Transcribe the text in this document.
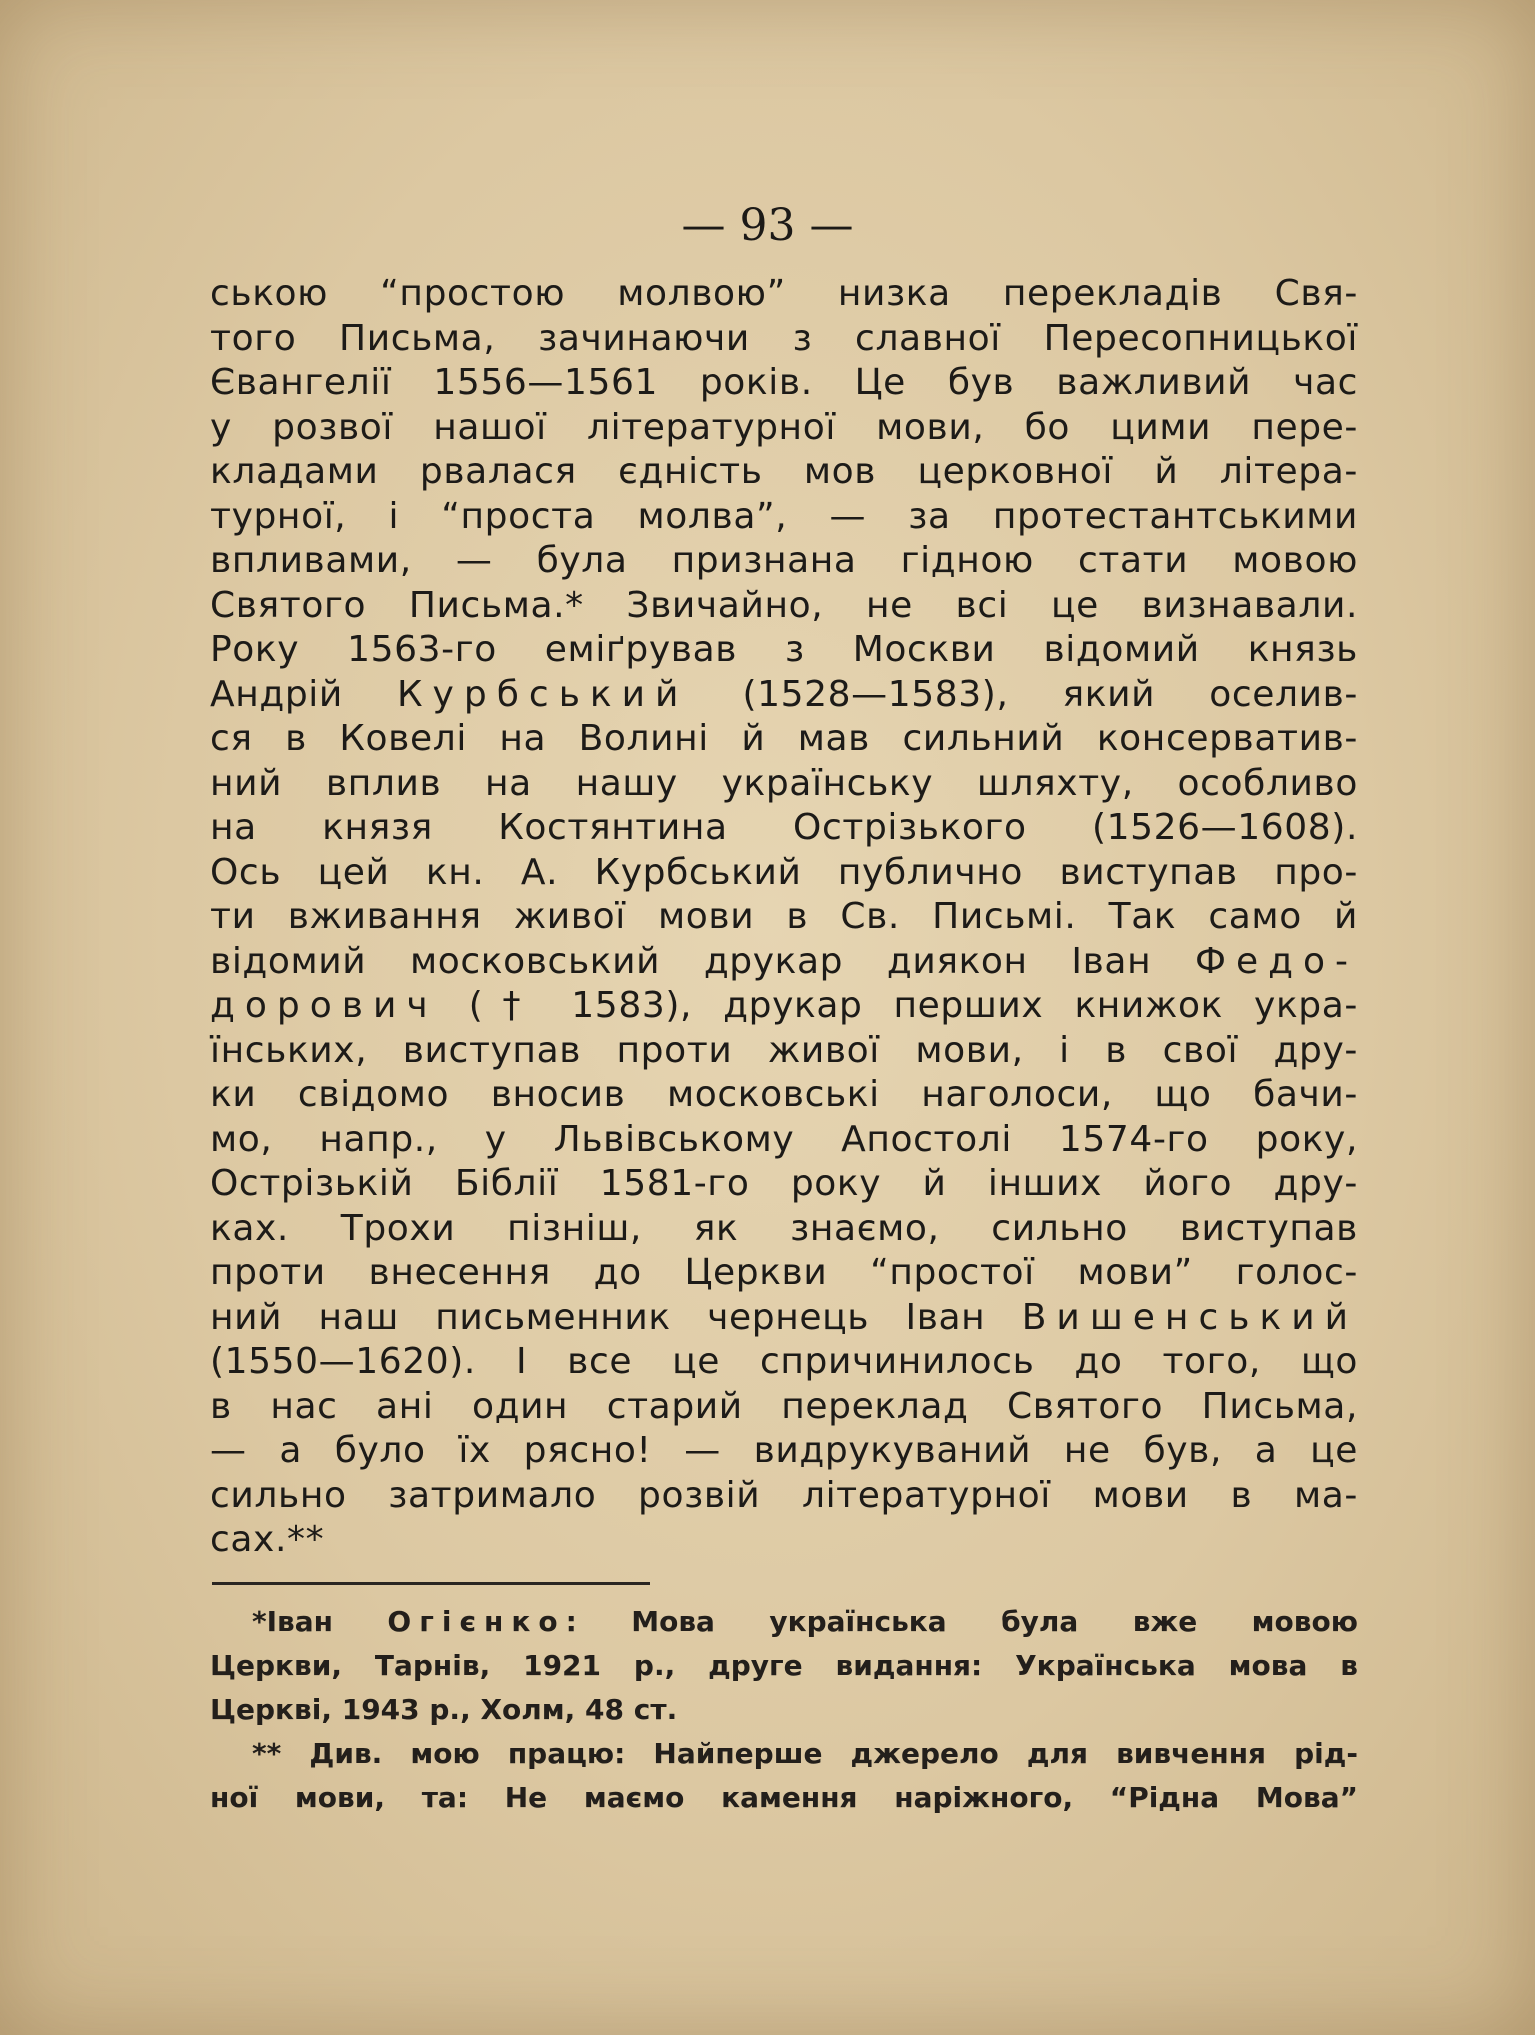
— 93 —
ською “простою молвою” низка перекладів Свя-
того Письма, зачинаючи з славної Пересопницької
Євангелії 1556—1561 років. Це був важливий час
у розвої нашої літературної мови, бо цими пере-
кладами рвалася єдність мов церковної й літера-
турної, і “проста молва”, — за протестантськими
впливами, — була признана гідною стати мовою
Святого Письма.* Звичайно, не всі це визнавали.
Року 1563-го еміґрував з Москви відомий князь
Андрій Курбський (1528—1583), який оселив-
ся в Ковелі на Волині й мав сильний консерватив-
ний вплив на нашу українську шляхту, особливо
на князя Костянтина Острізького (1526—1608).
Ось цей кн. А. Курбський публично виступав про-
ти вживання живої мови в Св. Письмі. Так само й
відомий московський друкар диякон Іван Федо-
дорович († 1583), друкар перших книжок укра-
їнських, виступав проти живої мови, і в свої дру-
ки свідомо вносив московські наголоси, що бачи-
мо, напр., у Львівському Апостолі 1574-го року,
Острізькій Біблії 1581-го року й інших його дру-
ках. Трохи пізніш, як знаємо, сильно виступав
проти внесення до Церкви “простої мови” голос-
ний наш письменник чернець Іван Вишенський
(1550—1620). І все це спричинилось до того, що
в нас ані один старий переклад Святого Письма,
— а було їх рясно! — видрукуваний не був, а це
сильно затримало розвій літературної мови в ма-
сах.**
*Іван Огієнко: Мова українська була вже мовою
Церкви, Тарнів, 1921 р., друге видання: Українська мова в
Церкві, 1943 р., Холм, 48 ст.
** Див. мою працю: Найперше джерело для вивчення рід-
ної мови, та: Не маємо камення наріжного, “Рідна Мова”
